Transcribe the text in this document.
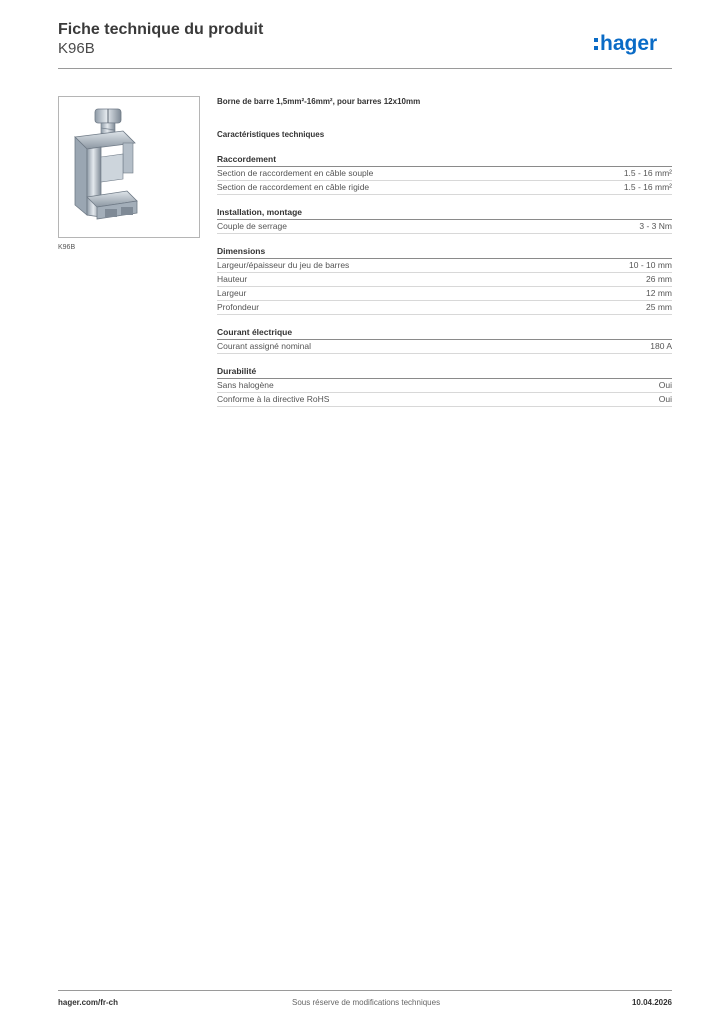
Fiche technique du produit
K96B	hager
K96B
Borne de barre 1,5mm²-16mm², pour barres 12x10mm
Caractéristiques techniques
Raccordement
Section de raccordement en câble souple	1.5 - 16 mm²
Section de raccordement en câble rigide	1.5 - 16 mm²
Installation, montage
Couple de serrage	3 - 3 Nm
Dimensions
Largeur/épaisseur du jeu de barres	10 - 10 mm
Hauteur	26 mm
Largeur	12 mm
Profondeur	25 mm
Courant électrique
Courant assigné nominal	180 A
Durabilité
Sans halogène	Oui
Conforme à la directive RoHS	Oui
hager.com/fr-ch	Sous réserve de modifications techniques	10.04.2026
